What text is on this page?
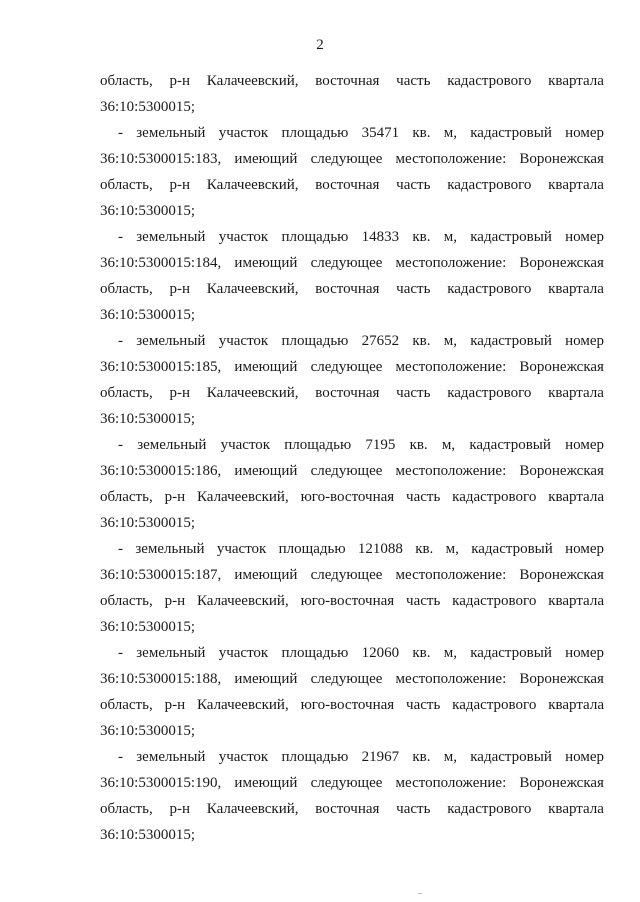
2
область, р-н Калачеевский, восточная часть кадастрового квартала
36:10:5300015;
- земельный участок площадью 35471 кв. м, кадастровый номер
36:10:5300015:183, имеющий следующее местоположение: Воронежская
область, р-н Калачеевский, восточная часть кадастрового квартала
36:10:5300015;
- земельный участок площадью 14833 кв. м, кадастровый номер
36:10:5300015:184, имеющий следующее местоположение: Воронежская
область, р-н Калачеевский, восточная часть кадастрового квартала
36:10:5300015;
- земельный участок площадью 27652 кв. м, кадастровый номер
36:10:5300015:185, имеющий следующее местоположение: Воронежская
область, р-н Калачеевский, восточная часть кадастрового квартала
36:10:5300015;
- земельный участок площадью 7195 кв. м, кадастровый номер
36:10:5300015:186, имеющий следующее местоположение: Воронежская
область, р-н Калачеевский, юго-восточная часть кадастрового квартала
36:10:5300015;
- земельный участок площадью 121088 кв. м, кадастровый номер
36:10:5300015:187, имеющий следующее местоположение: Воронежская
область, р-н Калачеевский, юго-восточная часть кадастрового квартала
36:10:5300015;
- земельный участок площадью 12060 кв. м, кадастровый номер
36:10:5300015:188, имеющий следующее местоположение: Воронежская
область, р-н Калачеевский, юго-восточная часть кадастрового квартала
36:10:5300015;
- земельный участок площадью 21967 кв. м, кадастровый номер
36:10:5300015:190, имеющий следующее местоположение: Воронежская
область, р-н Калачеевский, восточная часть кадастрового квартала
36:10:5300015;
